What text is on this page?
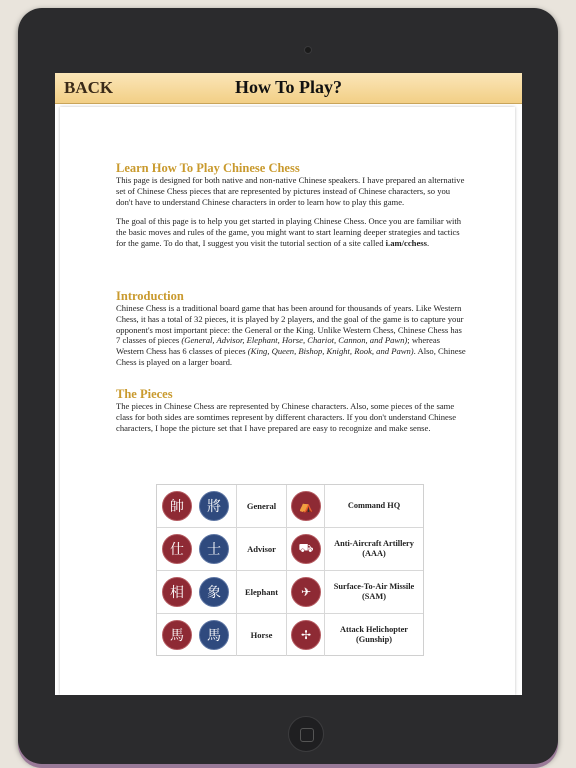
BACK	How To Play?
Learn How To Play Chinese Chess

This page is designed for both native and non-native Chinese speakers. I have prepared an alternative set of Chinese Chess pieces that are represented by pictures instead of Chinese characters, so you don't have to understand Chinese characters in order to learn how to play this game.

The goal of this page is to help you get started in playing Chinese Chess. Once you are familiar with the basic moves and rules of the game, you might want to start learning deeper strategies and tactics for the game. To do that, I suggest you visit the tutorial section of a site called i.am/cchess.

Introduction

Chinese Chess is a traditional board game that has been around for thousands of years. Like Western Chess, it has a total of 32 pieces, it is played by 2 players, and the goal of the game is to capture your opponent's most important piece: the General or the King. Unlike Western Chess, Chinese Chess has 7 classes of pieces (General, Advisor, Elephant, Horse, Chariot, Cannon, and Pawn); whereas Western Chess has 6 classes of pieces (King, Queen, Bishop, Knight, Rook, and Pawn). Also, Chinese Chess is played on a larger board.

The Pieces

The pieces in Chinese Chess are represented by Chinese characters. Also, some pieces of the same class for both sides are somtimes represent by different characters. If you don't understand Chinese characters, I hope the picture set that I have prepared are easy to recognize and make sense.

帥	將	General	⛺	Command HQ
仕	士	Advisor	⛟	Anti-Aircraft Artillery (AAA)
相	象	Elephant	✈	Surface-To-Air Missile (SAM)
馬	馬	Horse	✢	Attack Helichopter (Gunship)
